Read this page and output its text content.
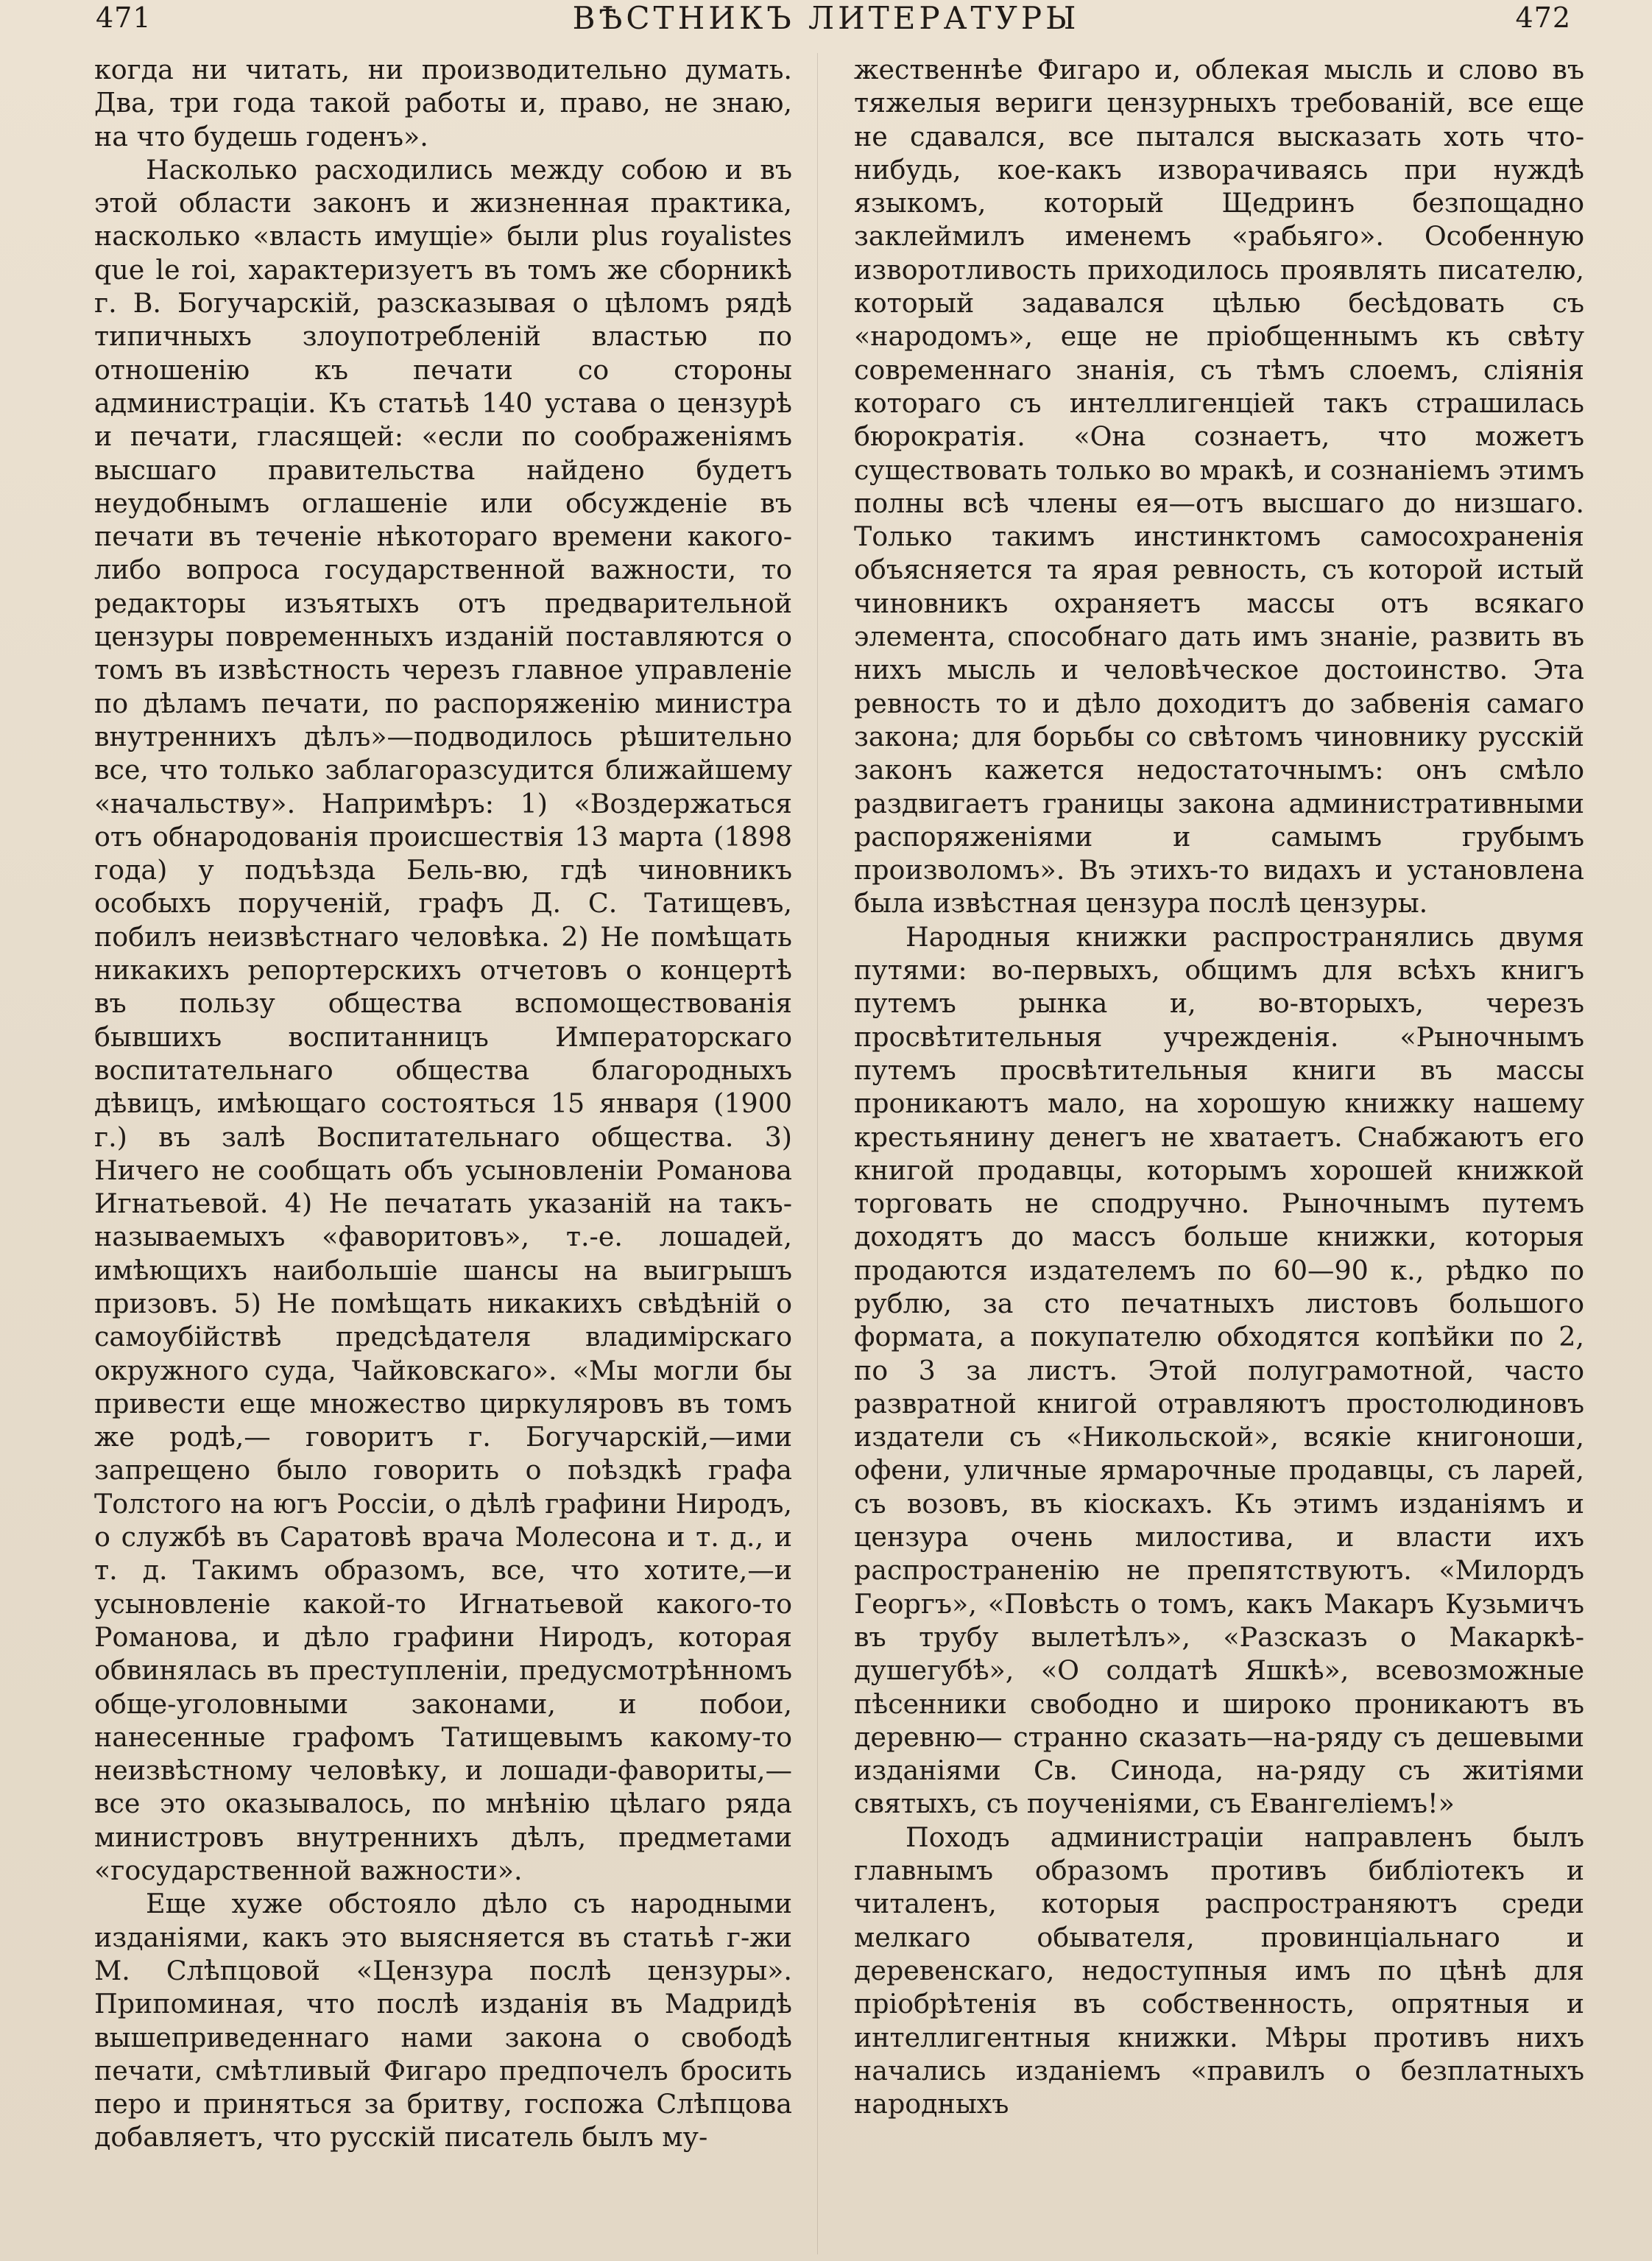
471	ВѢСТНИКЪ ЛИТЕРАТУРЫ	472

когда ни читать, ни производительно думать. Два, три года такой работы и, право, не знаю, на что будешь годенъ».

Насколько расходились между собою и въ этой области законъ и жизненная практика, насколько «власть имущіе» были plus royalistes que le roi, характеризуетъ въ томъ же сборникѣ г. В. Богучарскій, разсказывая о цѣломъ рядѣ типичныхъ злоупотребленій властью по отношенію къ печати со стороны администраціи. Къ статьѣ 140 устава о цензурѣ и печати, гласящей: «если по соображеніямъ высшаго правительства найдено будетъ неудобнымъ оглашеніе или обсужденіе въ печати въ теченіе нѣкотораго времени какого-либо вопроса государственной важности, то редакторы изъятыхъ отъ предварительной цензуры повременныхъ изданій поставляются о томъ въ извѣстность черезъ главное управленіе по дѣламъ печати, по распоряженію министра внутреннихъ дѣлъ»—подводилось рѣшительно все, что только заблагоразсудится ближайшему «начальству». Напримѣръ: 1) «Воздержаться отъ обнародованія происшествія 13 марта (1898 года) у подъѣзда Бель-вю, гдѣ чиновникъ особыхъ порученій, графъ Д. С. Татищевъ, побилъ неизвѣстнаго человѣка. 2) Не помѣщать никакихъ репортерскихъ отчетовъ о концертѣ въ пользу общества вспомоществованія бывшихъ воспитанницъ Императорскаго воспитательнаго общества благородныхъ дѣвицъ, имѣющаго состояться 15 января (1900 г.) въ залѣ Воспитательнаго общества. 3) Ничего не сообщать объ усыновленіи Романова Игнатьевой. 4) Не печатать указаній на такъ-называемыхъ «фаворитовъ», т.-е. лошадей, имѣющихъ наибольшіе шансы на выигрышъ призовъ. 5) Не помѣщать никакихъ свѣдѣній о самоубійствѣ предсѣдателя владимірскаго окружного суда, Чайковскаго». «Мы могли бы привести еще множество циркуляровъ въ томъ же родѣ,— говоритъ г. Богучарскій,—ими запрещено было говорить о поѣздкѣ графа Толстого на югъ Россіи, о дѣлѣ графини Ниродъ, о службѣ въ Саратовѣ врача Молесона и т. д., и т. д. Такимъ образомъ, все, что хотите,—и усыновленіе какой-то Игнатьевой какого-то Романова, и дѣло графини Ниродъ, которая обвинялась въ преступленіи, предусмотрѣнномъ обще-уголовными законами, и побои, нанесенные графомъ Татищевымъ какому-то неизвѣстному человѣку, и лошади-фавориты,—все это оказывалось, по мнѣнію цѣлаго ряда министровъ внутреннихъ дѣлъ, предметами «государственной важности».

Еще хуже обстояло дѣло съ народными изданіями, какъ это выясняется въ статьѣ г-жи М. Слѣпцовой «Цензура послѣ цензуры». Припоминая, что послѣ изданія въ Мадридѣ вышеприведеннаго нами закона о свободѣ печати, смѣтливый Фигаро предпочелъ бросить перо и приняться за бритву, госпожа Слѣпцова добавляетъ, что русскій писатель былъ му-

жественнѣе Фигаро и, облекая мысль и слово въ тяжелыя вериги цензурныхъ требованій, все еще не сдавался, все пытался высказать хоть что-нибудь, кое-какъ изворачиваясь при нуждѣ языкомъ, который Щедринъ безпощадно заклеймилъ именемъ «рабьяго». Особенную изворотливость приходилось проявлять писателю, который задавался цѣлью бесѣдовать съ «народомъ», еще не пріобщеннымъ къ свѣту современнаго знанія, съ тѣмъ слоемъ, сліянія котораго съ интеллигенціей такъ страшилась бюрократія. «Она сознаетъ, что можетъ существовать только во мракѣ, и сознаніемъ этимъ полны всѣ члены ея—отъ высшаго до низшаго. Только такимъ инстинктомъ самосохраненія объясняется та ярая ревность, съ которой истый чиновникъ охраняетъ массы отъ всякаго элемента, способнаго дать имъ знаніе, развить въ нихъ мысль и человѣческое достоинство. Эта ревность то и дѣло доходитъ до забвенія самаго закона; для борьбы со свѣтомъ чиновнику русскій законъ кажется недостаточнымъ: онъ смѣло раздвигаетъ границы закона административными распоряженіями и самымъ грубымъ произволомъ». Въ этихъ-то видахъ и установлена была извѣстная цензура послѣ цензуры.

Народныя книжки распространялись двумя путями: во-первыхъ, общимъ для всѣхъ книгъ путемъ рынка и, во-вторыхъ, черезъ просвѣтительныя учрежденія. «Рыночнымъ путемъ просвѣтительныя книги въ массы проникаютъ мало, на хорошую книжку нашему крестьянину денегъ не хватаетъ. Снабжаютъ его книгой продавцы, которымъ хорошей книжкой торговать не сподручно. Рыночнымъ путемъ доходятъ до массъ больше книжки, которыя продаются издателемъ по 60—90 к., рѣдко по рублю, за сто печатныхъ листовъ большого формата, а покупателю обходятся копѣйки по 2, по 3 за листъ. Этой полуграмотной, часто развратной книгой отравляютъ простолюдиновъ издатели съ «Никольской», всякіе книгоноши, офени, уличные ярмарочные продавцы, съ ларей, съ возовъ, въ кіоскахъ. Къ этимъ изданіямъ и цензура очень милостива, и власти ихъ распространенію не препятствуютъ. «Милордъ Георгъ», «Повѣсть о томъ, какъ Макаръ Кузьмичъ въ трубу вылетѣлъ», «Разсказъ о Макаркѣ-душегубѣ», «О солдатѣ Яшкѣ», всевозможные пѣсенники свободно и широко проникаютъ въ деревню— странно сказать—на-ряду съ дешевыми изданіями Св. Синода, на-ряду съ житіями святыхъ, съ поученіями, съ Евангеліемъ!»

Походъ администраціи направленъ былъ главнымъ образомъ противъ библіотекъ и читаленъ, которыя распространяютъ среди мелкаго обывателя, провинціальнаго и деревенскаго, недоступныя имъ по цѣнѣ для пріобрѣтенія въ собственность, опрятныя и интеллигентныя книжки. Мѣры противъ нихъ начались изданіемъ «правилъ о безплатныхъ народныхъ
